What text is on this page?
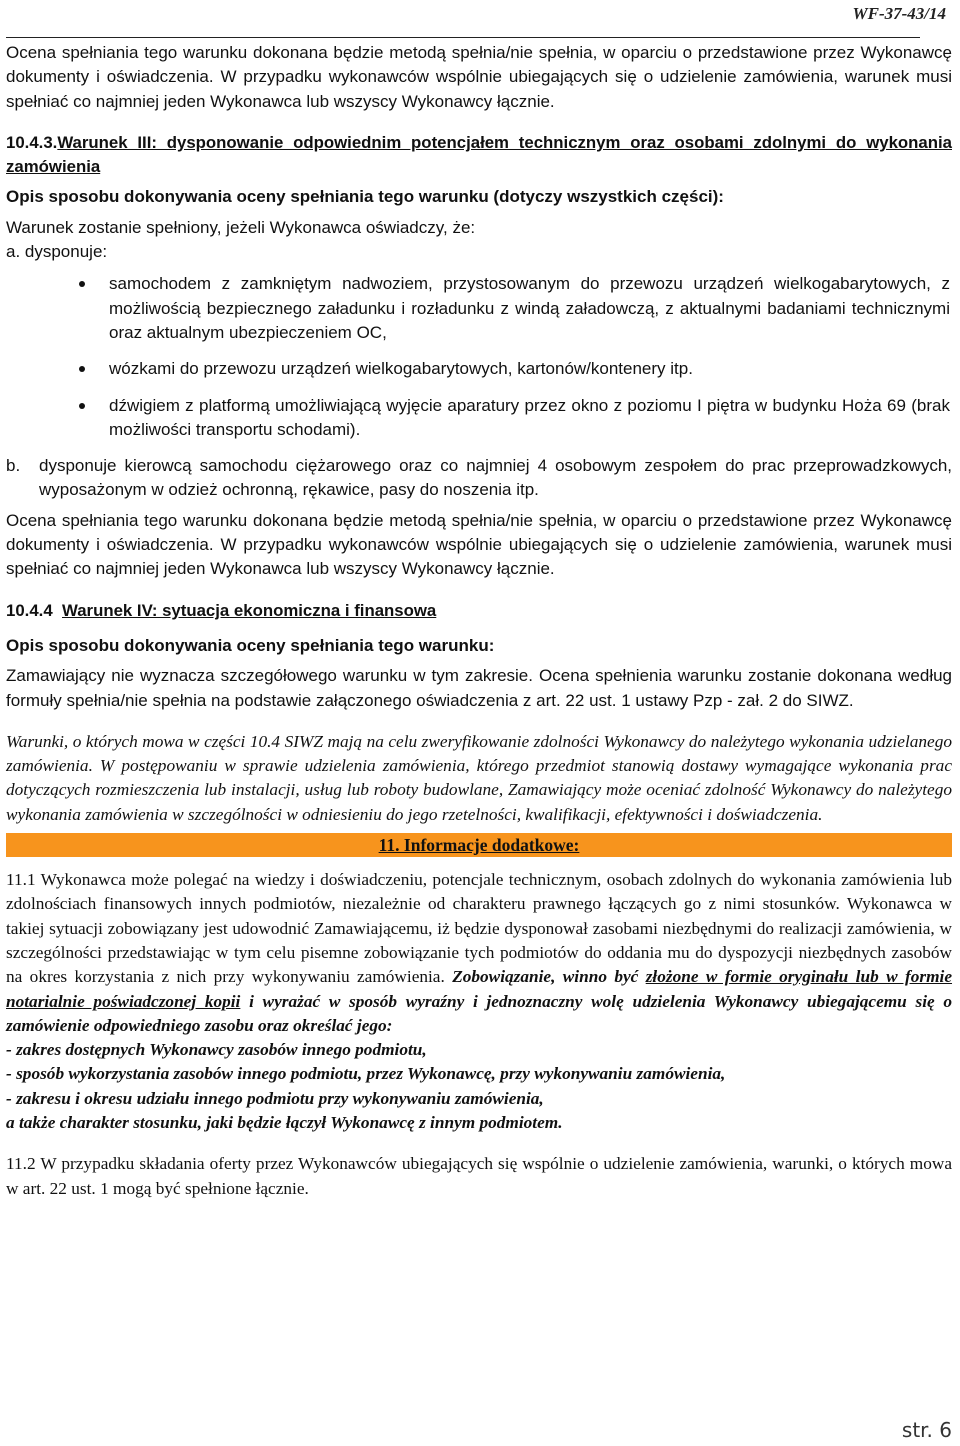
WF-37-43/14

Ocena spełniania tego warunku dokonana będzie metodą spełnia/nie spełnia, w oparciu o przedstawione przez Wykonawcę dokumenty i oświadczenia. W przypadku wykonawców wspólnie ubiegających się o udzielenie zamówienia, warunek musi spełniać co najmniej jeden Wykonawca lub wszyscy Wykonawcy łącznie.

10.4.3.Warunek III: dysponowanie odpowiednim potencjałem technicznym oraz osobami zdolnymi do wykonania zamówienia

Opis sposobu dokonywania oceny spełniania tego warunku (dotyczy wszystkich części):

Warunek zostanie spełniony, jeżeli Wykonawca oświadczy, że:

a. dysponuje:

samochodem z zamkniętym nadwoziem, przystosowanym do przewozu urządzeń wielkogabarytowych, z możliwością bezpiecznego załadunku i rozładunku z windą załadowczą, z aktualnymi badaniami technicznymi oraz aktualnym ubezpieczeniem OC,
wózkami do przewozu urządzeń wielkogabarytowych, kartonów/kontenery itp.
dźwigiem z platformą umożliwiającą wyjęcie aparatury przez okno z poziomu I piętra w budynku Hoża 69 (brak możliwości transportu schodami).
b.	dysponuje kierowcą samochodu ciężarowego oraz co najmniej 4 osobowym zespołem do prac przeprowadzkowych, wyposażonym w odzież ochronną, rękawice, pasy do noszenia itp.

Ocena spełniania tego warunku dokonana będzie metodą spełnia/nie spełnia, w oparciu o przedstawione przez Wykonawcę dokumenty i oświadczenia. W przypadku wykonawców wspólnie ubiegających się o udzielenie zamówienia, warunek musi spełniać co najmniej jeden Wykonawca lub wszyscy Wykonawcy łącznie.

10.4.4 Warunek IV: sytuacja ekonomiczna i finansowa

Opis sposobu dokonywania oceny spełniania tego warunku:

Zamawiający nie wyznacza szczegółowego warunku w tym zakresie. Ocena spełnienia warunku zostanie dokonana według formuły spełnia/nie spełnia na podstawie załączonego oświadczenia z art. 22 ust. 1 ustawy Pzp - zał. 2 do SIWZ.

Warunki, o których mowa w części 10.4 SIWZ mają na celu zweryfikowanie zdolności Wykonawcy do należytego wykonania udzielanego zamówienia. W postępowaniu w sprawie udzielenia zamówienia, którego przedmiot stanowią dostawy wymagające wykonania prac dotyczących rozmieszczenia lub instalacji, usług lub roboty budowlane, Zamawiający może oceniać zdolność Wykonawcy do należytego wykonania zamówienia w szczególności w odniesieniu do jego rzetelności, kwalifikacji, efektywności i doświadczenia.

11. Informacje dodatkowe:

11.1 Wykonawca może polegać na wiedzy i doświadczeniu, potencjale technicznym, osobach zdolnych do wykonania zamówienia lub zdolnościach finansowych innych podmiotów, niezależnie od charakteru prawnego łączących go z nimi stosunków. Wykonawca w takiej sytuacji zobowiązany jest udowodnić Zamawiającemu, iż będzie dysponował zasobami niezbędnymi do realizacji zamówienia, w szczególności przedstawiając w tym celu pisemne zobowiązanie tych podmiotów do oddania mu do dyspozycji niezbędnych zasobów na okres korzystania z nich przy wykonywaniu zamówienia. Zobowiązanie, winno być złożone w formie oryginału lub w formie notarialnie poświadczonej kopii i wyrażać w sposób wyraźny i jednoznaczny wolę udzielenia Wykonawcy ubiegającemu się o zamówienie odpowiedniego zasobu oraz określać jego:

- zakres dostępnych Wykonawcy zasobów innego podmiotu,

- sposób wykorzystania zasobów innego podmiotu, przez Wykonawcę, przy wykonywaniu zamówienia,

- zakresu i okresu udziału innego podmiotu przy wykonywaniu zamówienia,

a także charakter stosunku, jaki będzie łączył Wykonawcę z innym podmiotem.

11.2 W przypadku składania oferty przez Wykonawców ubiegających się wspólnie o udzielenie zamówienia, warunki, o których mowa w art. 22 ust. 1 mogą być spełnione łącznie.

str. 6
